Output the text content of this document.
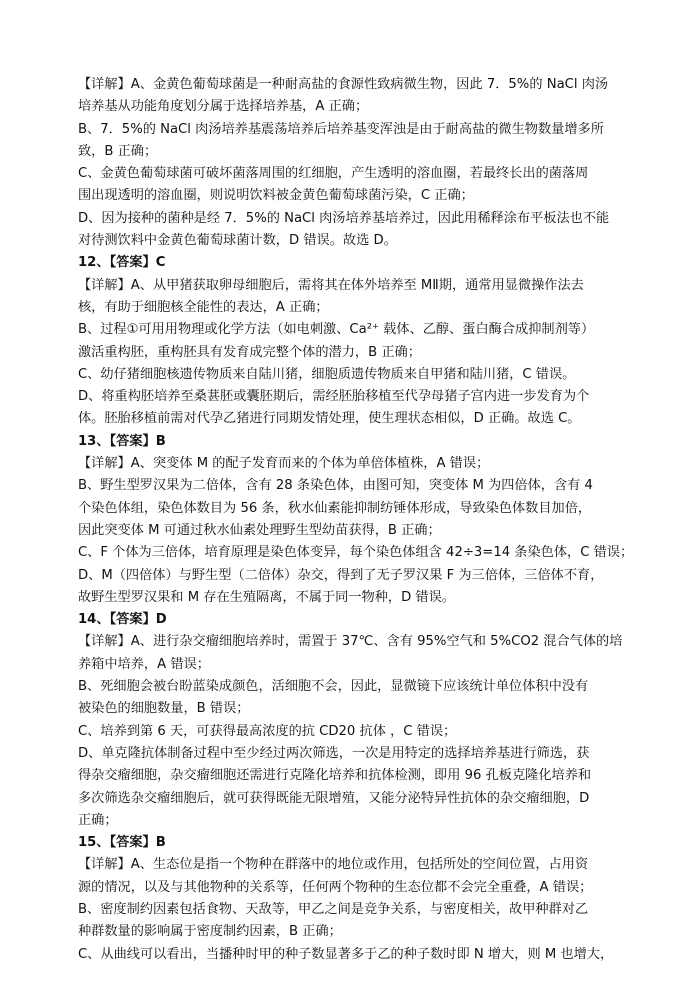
【详解】A、金黄色葡萄球菌是一种耐高盐的食源性致病微生物，因此 7．5%的 NaCl 肉汤
培养基从功能角度划分属于选择培养基，A 正确；
B、7．5%的 NaCl 肉汤培养基震荡培养后培养基变浑浊是由于耐高盐的微生物数量增多所
致，B 正确；
C、金黄色葡萄球菌可破坏菌落周围的红细胞，产生透明的溶血圈，若最终长出的菌落周
围出现透明的溶血圈，则说明饮料被金黄色葡萄球菌污染，C 正确；
D、因为接种的菌种是经 7．5%的 NaCl 肉汤培养基培养过，因此用稀释涂布平板法也不能
对待测饮料中金黄色葡萄球菌计数，D 错误。故选 D。
12、【答案】C
【详解】A、从甲猪获取卵母细胞后，需将其在体外培养至 MⅡ期，通常用显微操作法去
核，有助于细胞核全能性的表达，A 正确；
B、过程①可用用物理或化学方法（如电刺激、Ca²⁺ 载体、乙醇、蛋白酶合成抑制剂等）
激活重构胚，重构胚具有发育成完整个体的潜力，B 正确；
C、幼仔猪细胞核遗传物质来自陆川猪，细胞质遗传物质来自甲猪和陆川猪，C 错误。
D、将重构胚培养至桑葚胚或囊胚期后，需经胚胎移植至代孕母猪子宫内进一步发育为个
体。胚胎移植前需对代孕乙猪进行同期发情处理，使生理状态相似，D 正确。故选 C。
13、【答案】B
【详解】A、突变体 M 的配子发育而来的个体为单倍体植株，A 错误；
B、野生型罗汉果为二倍体，含有 28 条染色体，由图可知，突变体 M 为四倍体，含有 4
个染色体组，染色体数目为 56 条，秋水仙素能抑制纺锤体形成，导致染色体数目加倍，
因此突变体 M 可通过秋水仙素处理野生型幼苗获得，B 正确；
C、F 个体为三倍体，培育原理是染色体变异，每个染色体组含 42÷3=14 条染色体，C 错误；
D、M（四倍体）与野生型（二倍体）杂交，得到了无子罗汉果 F 为三倍体，三倍体不育，
故野生型罗汉果和 M 存在生殖隔离，不属于同一物种，D 错误。
14、【答案】D
【详解】A、进行杂交瘤细胞培养时，需置于 37℃、含有 95%空气和 5%CO2 混合气体的培
养箱中培养，A 错误；
B、死细胞会被台盼蓝染成颜色，活细胞不会，因此，显微镜下应该统计单位体积中没有
被染色的细胞数量，B 错误；
C、培养到第 6 天，可获得最高浓度的抗 CD20 抗体 ，C 错误；
D、单克隆抗体制备过程中至少经过两次筛选，一次是用特定的选择培养基进行筛选，获
得杂交瘤细胞，杂交瘤细胞还需进行克隆化培养和抗体检测，即用 96 孔板克隆化培养和
多次筛选杂交瘤细胞后，就可获得既能无限增殖，又能分泌特异性抗体的杂交瘤细胞，D
正确；
15、【答案】B
【详解】A、生态位是指一个物种在群落中的地位或作用，包括所处的空间位置，占用资
源的情况，以及与其他物种的关系等，任何两个物种的生态位都不会完全重叠，A 错误；
B、密度制约因素包括食物、天敌等，甲乙之间是竞争关系，与密度相关，故甲种群对乙
种群数量的影响属于密度制约因素，B 正确；
C、从曲线可以看出，当播种时甲的种子数显著多于乙的种子数时即 N 增大，则 M 也增大，
